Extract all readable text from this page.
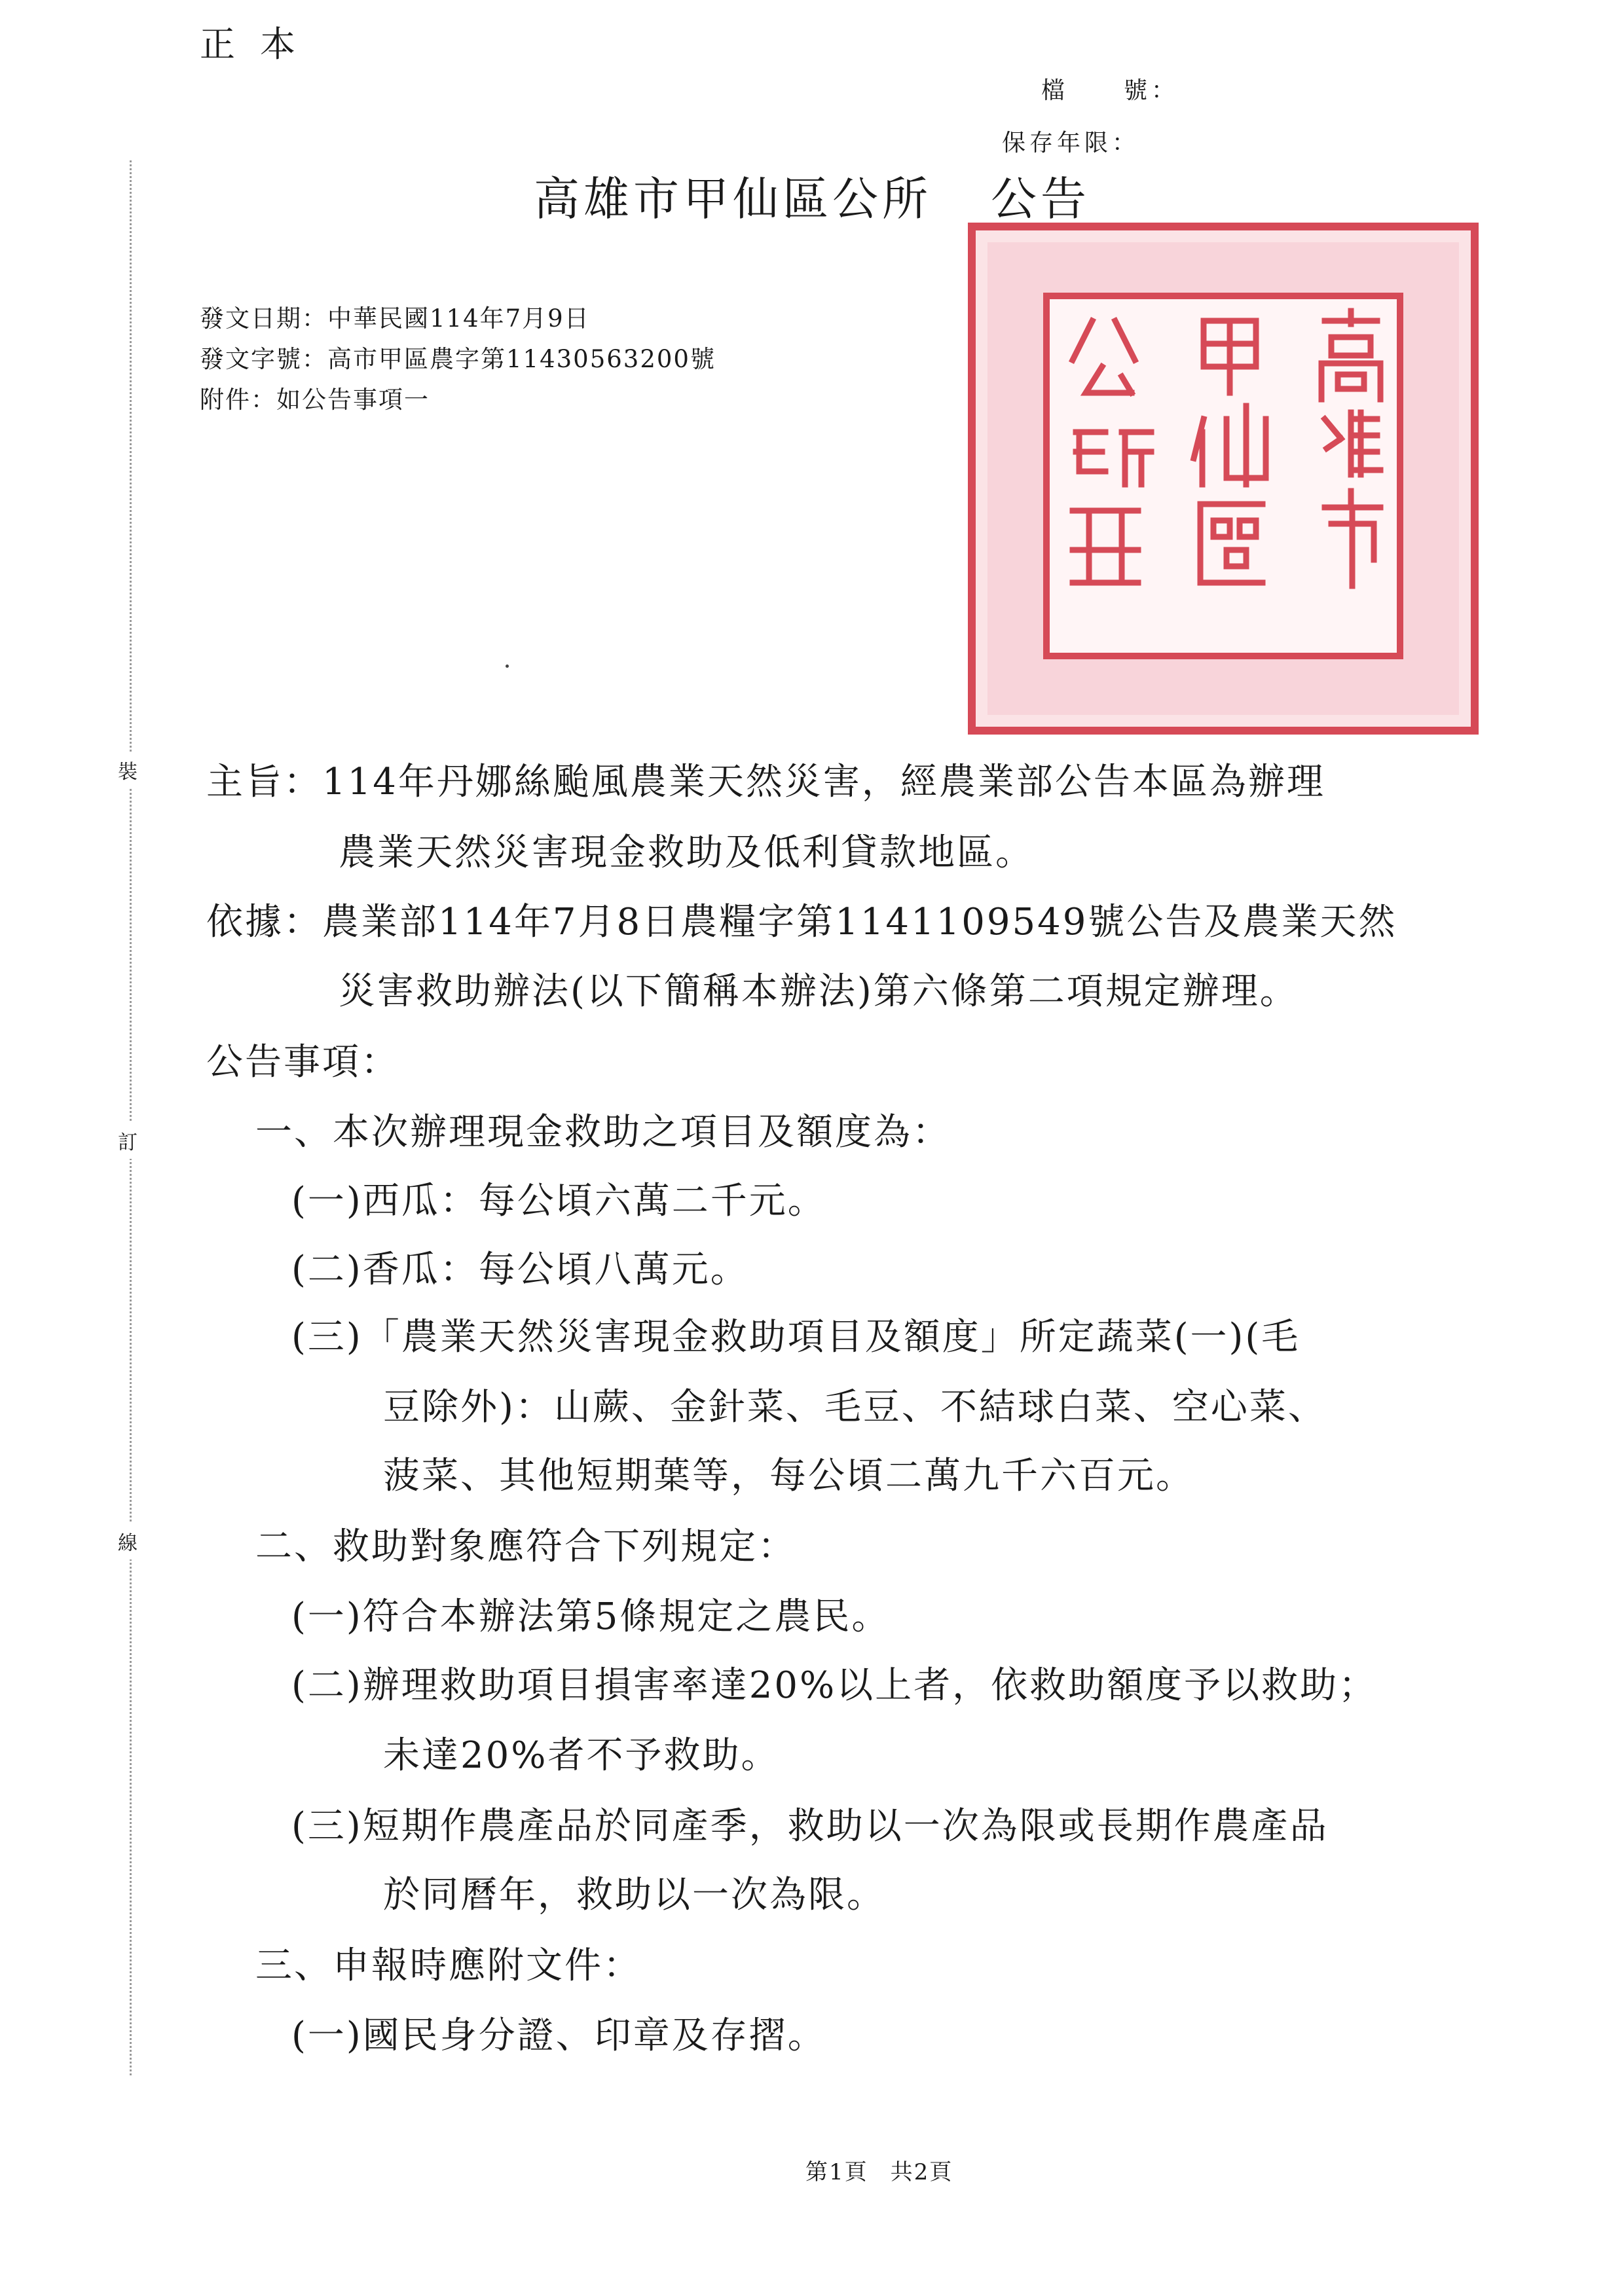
正本

檔　　號：

保存年限：

高雄市甲仙區公所 公告

發文日期：中華民國114年7月9日

發文字號：高市甲區農字第11430563200號

附件：如公告事項一

裝
訂
線

主旨：114年丹娜絲颱風農業天然災害，經農業部公告本區為辦理

農業天然災害現金救助及低利貸款地區。

依據：農業部114年7月8日農糧字第1141109549號公告及農業天然

災害救助辦法(以下簡稱本辦法)第六條第二項規定辦理。

公告事項：

一、本次辦理現金救助之項目及額度為：

(一)西瓜：每公頃六萬二千元。

(二)香瓜：每公頃八萬元。

(三)「農業天然災害現金救助項目及額度」所定蔬菜(一)(毛

豆除外)：山蕨、金針菜、毛豆、不結球白菜、空心菜、

菠菜、其他短期葉等，每公頃二萬九千六百元。

二、救助對象應符合下列規定：

(一)符合本辦法第5條規定之農民。

(二)辦理救助項目損害率達20%以上者，依救助額度予以救助；

未達20%者不予救助。

(三)短期作農產品於同產季，救助以一次為限或長期作農產品

於同曆年，救助以一次為限。

三、申報時應附文件：

(一)國民身分證、印章及存摺。

第1頁 共2頁
